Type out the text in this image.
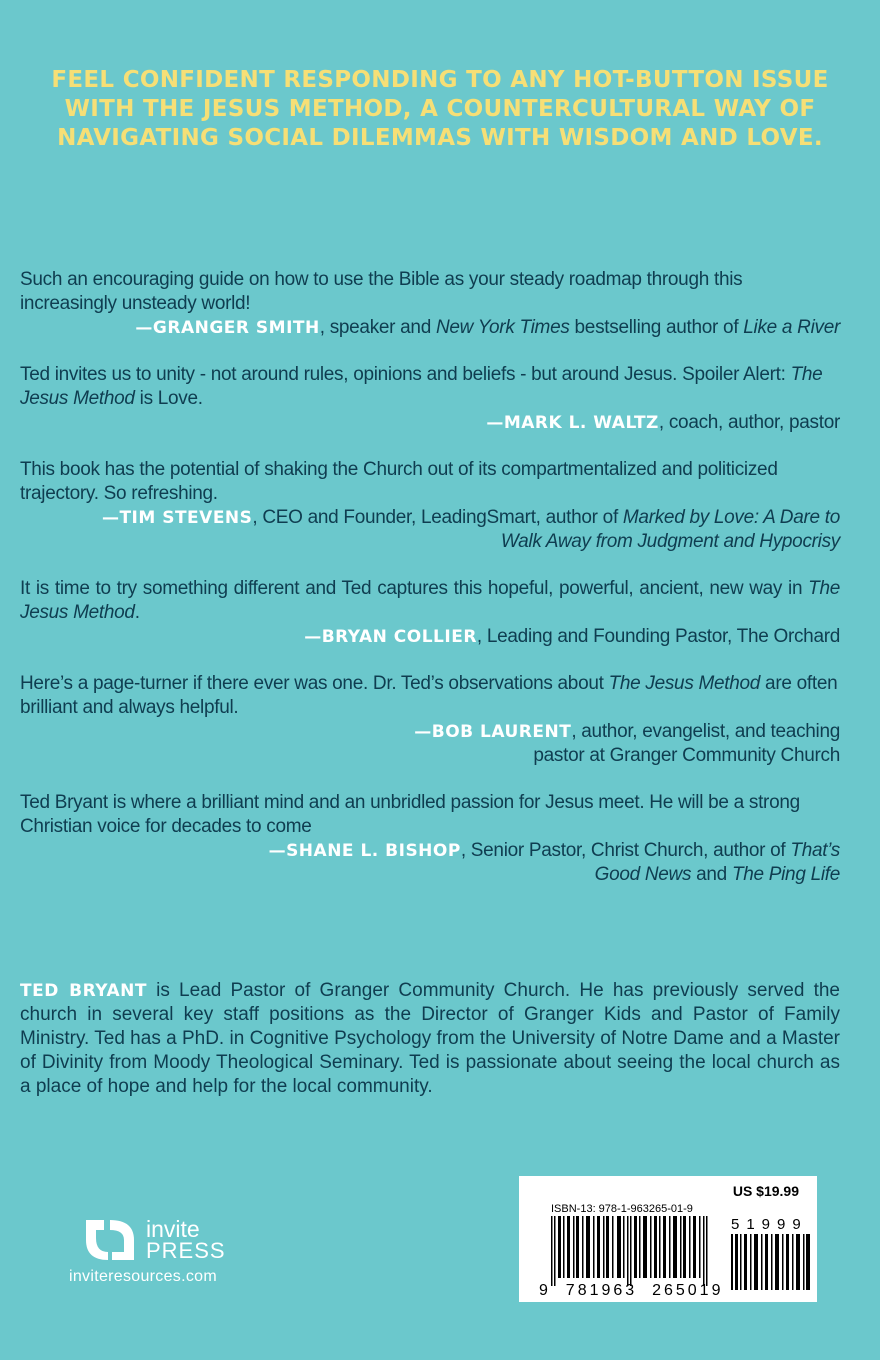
FEEL CONFIDENT RESPONDING TO ANY HOT-BUTTON ISSUE WITH THE JESUS METHOD, A COUNTERCULTURAL WAY OF NAVIGATING SOCIAL DILEMMAS WITH WISDOM AND LOVE.
Such an encouraging guide on how to use the Bible as your steady roadmap through this increasingly unsteady world!
—GRANGER SMITH, speaker and New York Times bestselling author of Like a River
Ted invites us to unity - not around rules, opinions and beliefs - but around Jesus. Spoiler Alert: The Jesus Method is Love.
—MARK L. WALTZ, coach, author, pastor
This book has the potential of shaking the Church out of its compartmentalized and politicized trajectory. So refreshing.
—TIM STEVENS, CEO and Founder, LeadingSmart, author of Marked by Love: A Dare to Walk Away from Judgment and Hypocrisy
It is time to try something different and Ted captures this hopeful, powerful, ancient, new way in The Jesus Method.
—BRYAN COLLIER, Leading and Founding Pastor, The Orchard
Here’s a page-turner if there ever was one. Dr. Ted’s observations about The Jesus Method are often brilliant and always helpful.
—BOB LAURENT, author, evangelist, and teaching pastor at Granger Community Church
Ted Bryant is where a brilliant mind and an unbridled passion for Jesus meet. He will be a strong Christian voice for decades to come
—SHANE L. BISHOP, Senior Pastor, Christ Church, author of That’s Good News and The Ping Life
TED BRYANT is Lead Pastor of Granger Community Church. He has previously served the church in several key staff positions as the Director of Granger Kids and Pastor of Family Ministry. Ted has a PhD. in Cognitive Psychology from the University of Notre Dame and a Master of Divinity from Moody Theological Seminary. Ted is passionate about seeing the local church as a place of hope and help for the local community.
invite
PRESS
inviteresources.com
US $19.99
ISBN-13: 978-1-963265-01-9
51999
9  781963  265019
